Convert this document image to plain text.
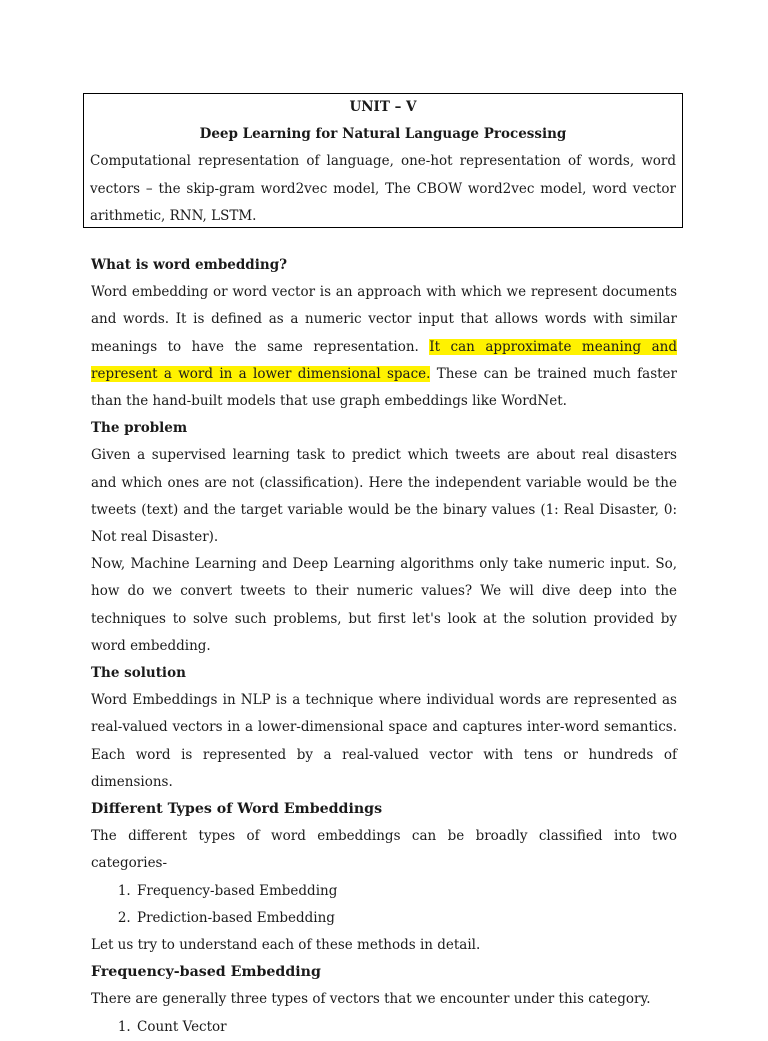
UNIT – V
Deep Learning for Natural Language Processing
Computational representation of language, one-hot representation of words, word vectors – the skip-gram word2vec model, The CBOW word2vec model, word vector arithmetic, RNN, LSTM.

What is word embedding?

Word embedding or word vector is an approach with which we represent documents and words. It is defined as a numeric vector input that allows words with similar meanings to have the same representation. It can approximate meaning and represent a word in a lower dimensional space. These can be trained much faster than the hand-built models that use graph embeddings like WordNet.

The problem

Given a supervised learning task to predict which tweets are about real disasters and which ones are not (classification). Here the independent variable would be the tweets (text) and the target variable would be the binary values (1: Real Disaster, 0: Not real Disaster).

Now, Machine Learning and Deep Learning algorithms only take numeric input. So, how do we convert tweets to their numeric values? We will dive deep into the techniques to solve such problems, but first let's look at the solution provided by word embedding.

The solution

Word Embeddings in NLP is a technique where individual words are represented as real-valued vectors in a lower-dimensional space and captures inter-word semantics. Each word is represented by a real-valued vector with tens or hundreds of dimensions.

Different Types of Word Embeddings

The different types of word embeddings can be broadly classified into two categories-

1. Frequency-based Embedding
2. Prediction-based Embedding

Let us try to understand each of these methods in detail.

Frequency-based Embedding

There are generally three types of vectors that we encounter under this category.

1. Count Vector
